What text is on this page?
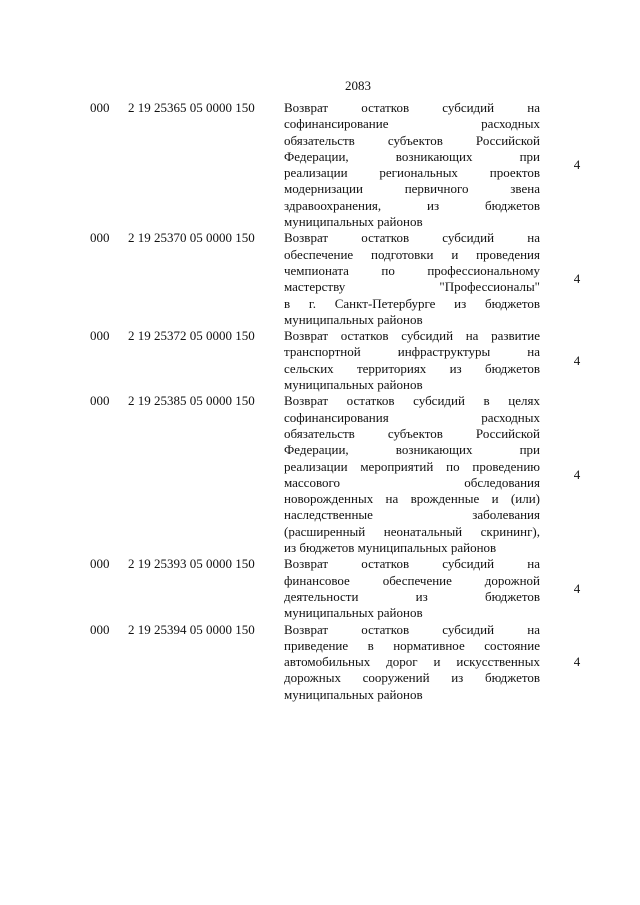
2083
000 2 19 25365 05 0000 150 Возврат остатков субсидий на
софинансирование расходных
обязательств субъектов Российской
Федерации, возникающих при
реализации региональных проектов
модернизации первичного звена
здравоохранения, из бюджетов
муниципальных районов
4
000 2 19 25370 05 0000 150 Возврат остатков субсидий на
обеспечение подготовки и проведения
чемпионата по профессиональному
мастерству "Профессионалы"
в г. Санкт-Петербурге из бюджетов
муниципальных районов
4
000 2 19 25372 05 0000 150 Возврат остатков субсидий на развитие
транспортной инфраструктуры на
сельских территориях из бюджетов
муниципальных районов
4
000 2 19 25385 05 0000 150 Возврат остатков субсидий в целях
софинансирования расходных
обязательств субъектов Российской
Федерации, возникающих при
реализации мероприятий по проведению
массового обследования
новорожденных на врожденные и (или)
наследственные заболевания
(расширенный неонатальный скрининг),
из бюджетов муниципальных районов
4
000 2 19 25393 05 0000 150 Возврат остатков субсидий на
финансовое обеспечение дорожной
деятельности из бюджетов
муниципальных районов
4
000 2 19 25394 05 0000 150 Возврат остатков субсидий на
приведение в нормативное состояние
автомобильных дорог и искусственных
дорожных сооружений из бюджетов
муниципальных районов
4
